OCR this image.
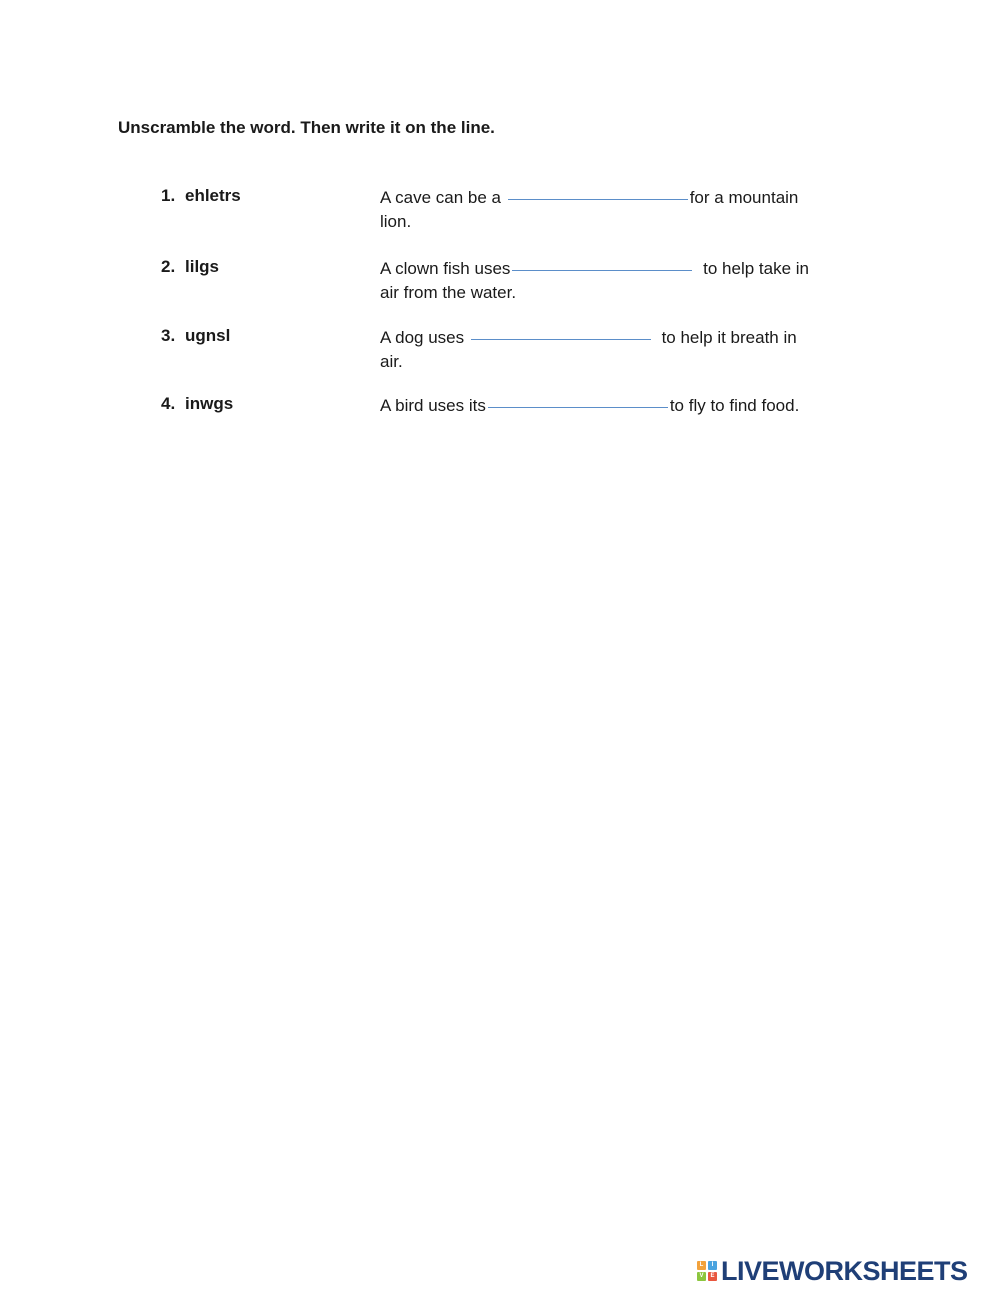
Unscramble the word. Then write it on the line.
1. ehletrs	A cave can be a	for a mountain lion.
2. lilgs	A clown fish uses	to help take in air from the water.
3. ugnsl	A dog uses	to help it breath in air.
4. inwgs	A bird uses its	to fly to find food.
L	I
V	E LIVEWORKSHEETS
